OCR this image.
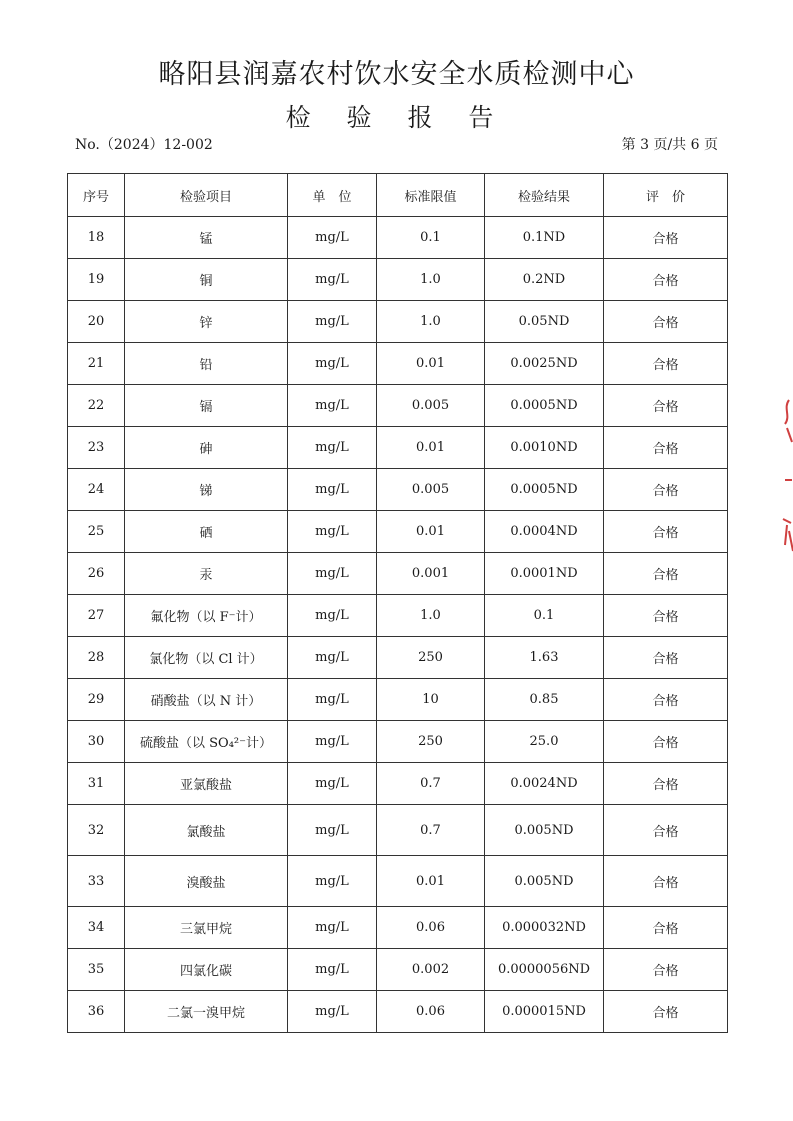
略阳县润嘉农村饮水安全水质检测中心
检 验 报 告
No.（2024）12-002	第 3 页/共 6 页
序号	检验项目	单　位	标准限值	检验结果	评　价
18	锰	mg/L	0.1	0.1ND	合格
19	铜	mg/L	1.0	0.2ND	合格
20	锌	mg/L	1.0	0.05ND	合格
21	铅	mg/L	0.01	0.0025ND	合格
22	镉	mg/L	0.005	0.0005ND	合格
23	砷	mg/L	0.01	0.0010ND	合格
24	锑	mg/L	0.005	0.0005ND	合格
25	硒	mg/L	0.01	0.0004ND	合格
26	汞	mg/L	0.001	0.0001ND	合格
27	氟化物（以 F⁻计）	mg/L	1.0	0.1	合格
28	氯化物（以 Cl 计）	mg/L	250	1.63	合格
29	硝酸盐（以 N 计）	mg/L	10	0.85	合格
30	硫酸盐（以 SO₄²⁻计）	mg/L	250	25.0	合格
31	亚氯酸盐	mg/L	0.7	0.0024ND	合格
32	氯酸盐	mg/L	0.7	0.005ND	合格
33	溴酸盐	mg/L	0.01	0.005ND	合格
34	三氯甲烷	mg/L	0.06	0.000032ND	合格
35	四氯化碳	mg/L	0.002	0.0000056ND	合格
36	二氯一溴甲烷	mg/L	0.06	0.000015ND	合格
